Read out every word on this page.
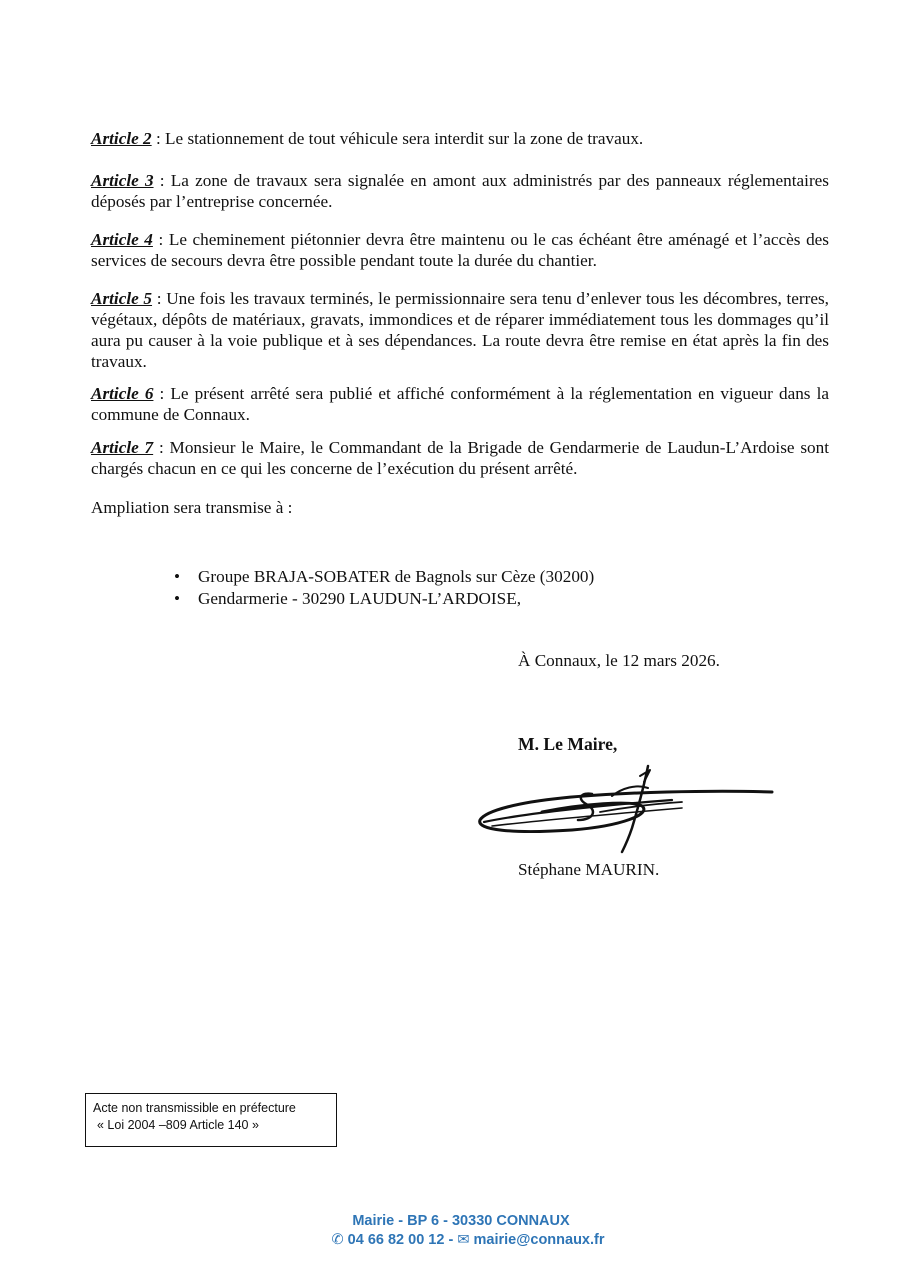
Article 2 : Le stationnement de tout véhicule sera interdit sur la zone de travaux.
Article 3 : La zone de travaux sera signalée en amont aux administrés par des panneaux réglementaires déposés par l’entreprise concernée.
Article 4 : Le cheminement piétonnier devra être maintenu ou le cas échéant être aménagé et l’accès des services de secours devra être possible pendant toute la durée du chantier.
Article 5 : Une fois les travaux terminés, le permissionnaire sera tenu d’enlever tous les décombres, terres, végétaux, dépôts de matériaux, gravats, immondices et de réparer immédiatement tous les dommages qu’il aura pu causer à la voie publique et à ses dépendances. La route devra être remise en état après la fin des travaux.
Article 6 : Le présent arrêté sera publié et affiché conformément à la réglementation en vigueur dans la commune de Connaux.
Article 7 : Monsieur le Maire, le Commandant de la Brigade de Gendarmerie de Laudun-L’Ardoise sont chargés chacun en ce qui les concerne de l’exécution du présent arrêté.
Ampliation sera transmise à :
• Groupe BRAJA-SOBATER de Bagnols sur Cèze (30200)
• Gendarmerie - 30290 LAUDUN-L’ARDOISE,
À Connaux, le 12 mars 2026.
M. Le Maire,
Stéphane MAURIN.
Acte non transmissible en préfecture
« Loi 2004 –809 Article 140 »
Mairie - BP 6 - 30330 CONNAUX
✆ 04 66 82 00 12 - ✉ mairie@connaux.fr
